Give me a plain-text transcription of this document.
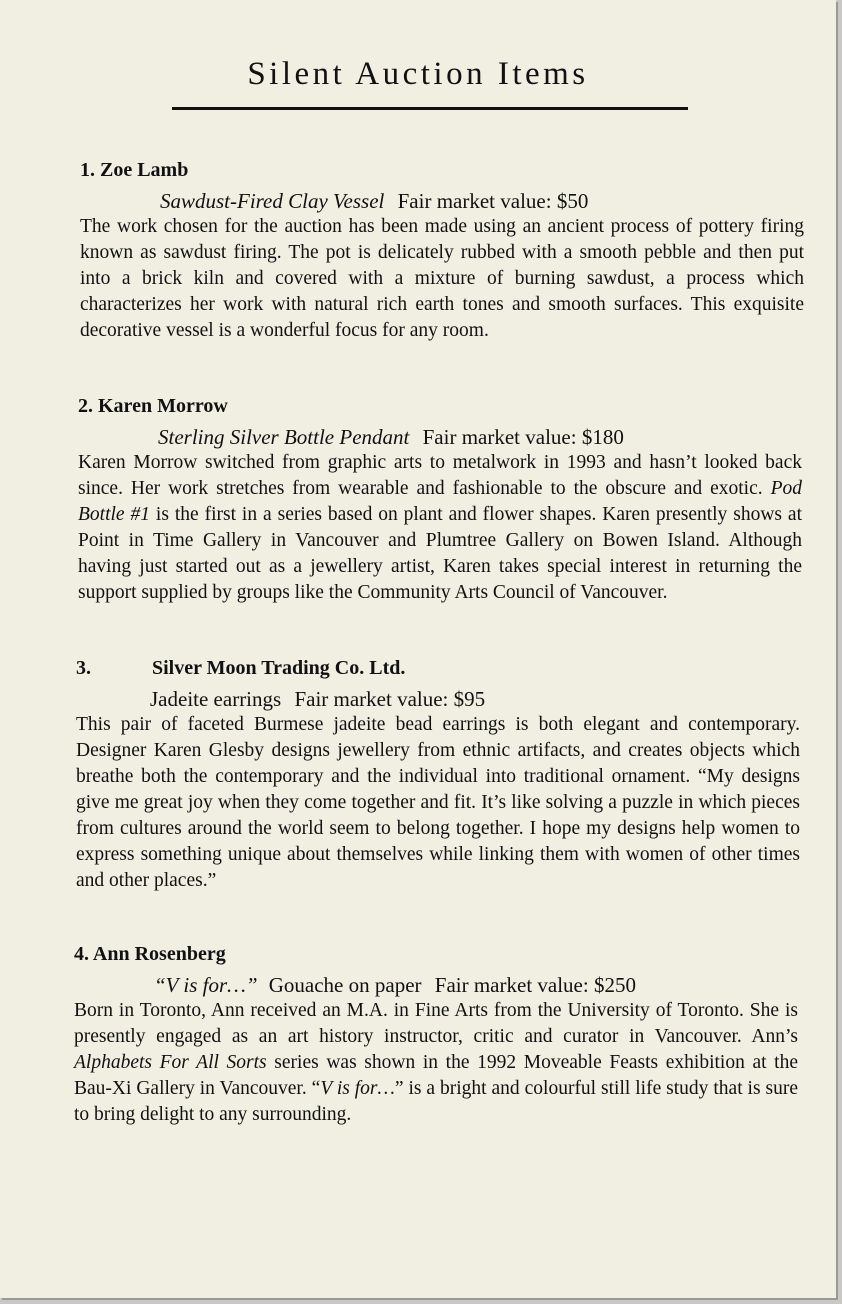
Silent Auction Items
1. Zoe Lamb
Sawdust-Fired Clay Vessel Fair market value: $50

The work chosen for the auction has been made using an ancient process of pottery firing known as sawdust firing. The pot is delicately rubbed with a smooth pebble and then put into a brick kiln and covered with a mixture of burning sawdust, a process which characterizes her work with natural rich earth tones and smooth surfaces. This exquisite decorative vessel is a wonderful focus for any room.

2. Karen Morrow
Sterling Silver Bottle Pendant Fair market value: $180

Karen Morrow switched from graphic arts to metalwork in 1993 and hasn’t looked back since. Her work stretches from wearable and fashionable to the obscure and exotic. Pod Bottle #1 is the first in a series based on plant and flower shapes. Karen presently shows at Point in Time Gallery in Vancouver and Plumtree Gallery on Bowen Island. Although having just started out as a jewellery artist, Karen takes special interest in returning the support supplied by groups like the Community Arts Council of Vancouver.

3.	Silver Moon Trading Co. Ltd.
Jadeite earrings Fair market value: $95

This pair of faceted Burmese jadeite bead earrings is both elegant and contemporary. Designer Karen Glesby designs jewellery from ethnic artifacts, and creates objects which breathe both the contemporary and the individual into traditional ornament. “My designs give me great joy when they come together and fit. It’s like solving a puzzle in which pieces from cultures around the world seem to belong together. I hope my designs help women to express something unique about themselves while linking them with women of other times and other places.”

4. Ann Rosenberg
“V is for…” Gouache on paper Fair market value: $250

Born in Toronto, Ann received an M.A. in Fine Arts from the University of Toronto. She is presently engaged as an art history instructor, critic and curator in Vancouver. Ann’s Alphabets For All Sorts series was shown in the 1992 Moveable Feasts exhibition at the Bau-Xi Gallery in Vancouver. “V is for…” is a bright and colourful still life study that is sure to bring delight to any surrounding.
